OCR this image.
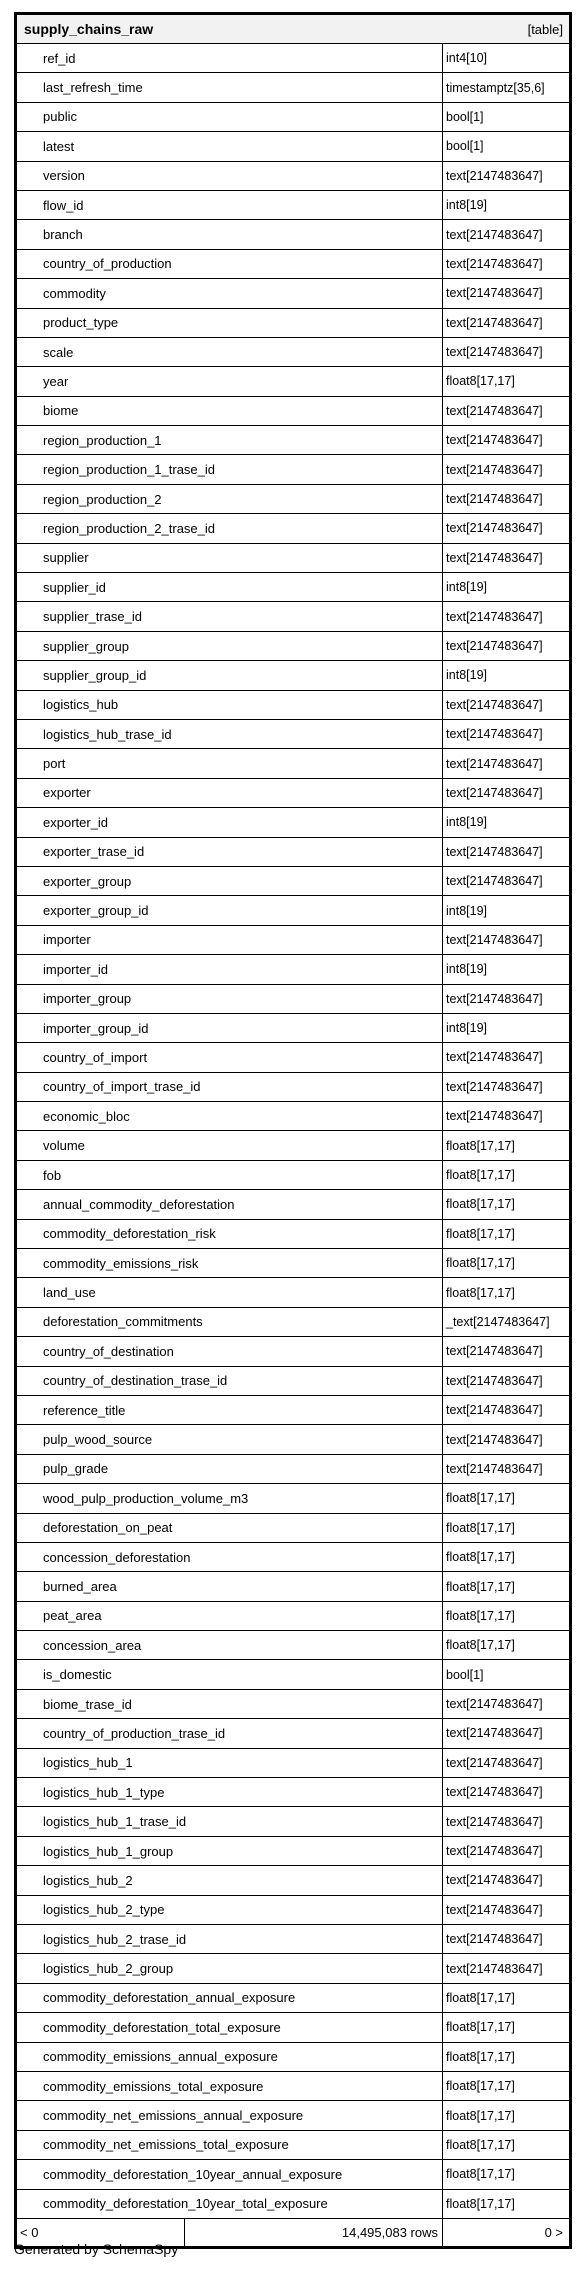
supply_chains_raw	[table]
ref_id	int4[10]
last_refresh_time	timestamptz[35,6]
public	bool[1]
latest	bool[1]
version	text[2147483647]
flow_id	int8[19]
branch	text[2147483647]
country_of_production	text[2147483647]
commodity	text[2147483647]
product_type	text[2147483647]
scale	text[2147483647]
year	float8[17,17]
biome	text[2147483647]
region_production_1	text[2147483647]
region_production_1_trase_id	text[2147483647]
region_production_2	text[2147483647]
region_production_2_trase_id	text[2147483647]
supplier	text[2147483647]
supplier_id	int8[19]
supplier_trase_id	text[2147483647]
supplier_group	text[2147483647]
supplier_group_id	int8[19]
logistics_hub	text[2147483647]
logistics_hub_trase_id	text[2147483647]
port	text[2147483647]
exporter	text[2147483647]
exporter_id	int8[19]
exporter_trase_id	text[2147483647]
exporter_group	text[2147483647]
exporter_group_id	int8[19]
importer	text[2147483647]
importer_id	int8[19]
importer_group	text[2147483647]
importer_group_id	int8[19]
country_of_import	text[2147483647]
country_of_import_trase_id	text[2147483647]
economic_bloc	text[2147483647]
volume	float8[17,17]
fob	float8[17,17]
annual_commodity_deforestation	float8[17,17]
commodity_deforestation_risk	float8[17,17]
commodity_emissions_risk	float8[17,17]
land_use	float8[17,17]
deforestation_commitments	_text[2147483647]
country_of_destination	text[2147483647]
country_of_destination_trase_id	text[2147483647]
reference_title	text[2147483647]
pulp_wood_source	text[2147483647]
pulp_grade	text[2147483647]
wood_pulp_production_volume_m3	float8[17,17]
deforestation_on_peat	float8[17,17]
concession_deforestation	float8[17,17]
burned_area	float8[17,17]
peat_area	float8[17,17]
concession_area	float8[17,17]
is_domestic	bool[1]
biome_trase_id	text[2147483647]
country_of_production_trase_id	text[2147483647]
logistics_hub_1	text[2147483647]
logistics_hub_1_type	text[2147483647]
logistics_hub_1_trase_id	text[2147483647]
logistics_hub_1_group	text[2147483647]
logistics_hub_2	text[2147483647]
logistics_hub_2_type	text[2147483647]
logistics_hub_2_trase_id	text[2147483647]
logistics_hub_2_group	text[2147483647]
commodity_deforestation_annual_exposure	float8[17,17]
commodity_deforestation_total_exposure	float8[17,17]
commodity_emissions_annual_exposure	float8[17,17]
commodity_emissions_total_exposure	float8[17,17]
commodity_net_emissions_annual_exposure	float8[17,17]
commodity_net_emissions_total_exposure	float8[17,17]
commodity_deforestation_10year_annual_exposure	float8[17,17]
commodity_deforestation_10year_total_exposure	float8[17,17]
< 0	14,495,083 rows	0 >
Generated by SchemaSpy
